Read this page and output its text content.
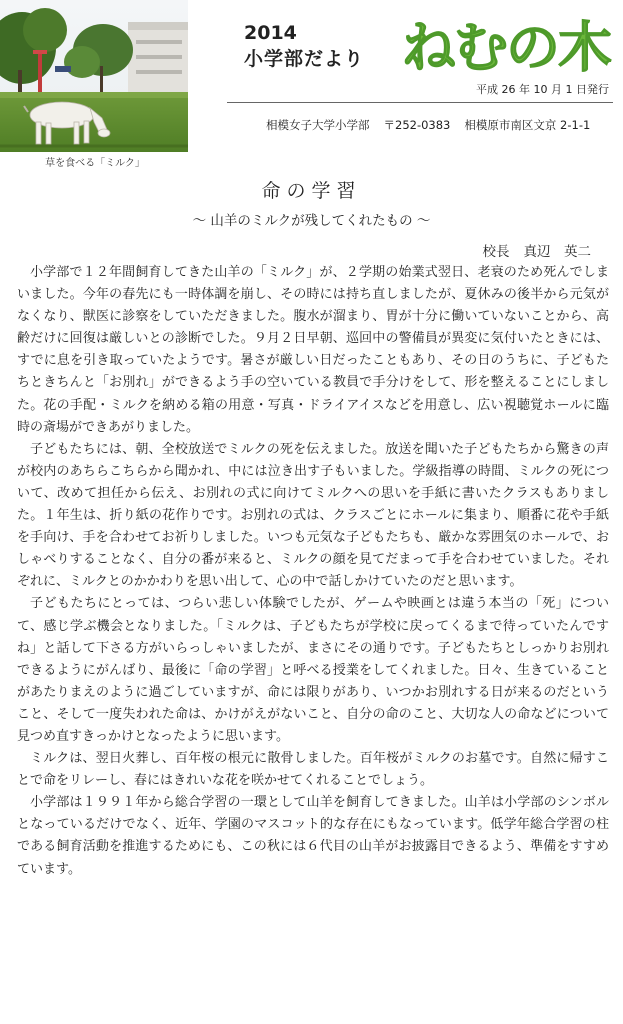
草を食べる「ミルク」
2014
小学部だより ねむの木
平成 26 年 10 月 1 日発行
相模女子大学小学部 〒252-0383 相模原市南区文京 2-1-1
命の学習
～ 山羊のミルクが残してくれたもの ～
校長 真辺　英二

小学部で１２年間飼育してきた山羊の「ミルク」が、２学期の始業式翌日、老衰のため死んでしまいました。今年の春先にも一時体調を崩し、その時には持ち直しましたが、夏休みの後半から元気がなくなり、獣医に診察をしていただきました。腹水が溜まり、胃が十分に働いていないことから、高齢だけに回復は厳しいとの診断でした。９月２日早朝、巡回中の警備員が異変に気付いたときには、すでに息を引き取っていたようです。暑さが厳しい日だったこともあり、その日のうちに、子どもたちときちんと「お別れ」ができるよう手の空いている教員で手分けをして、形を整えることにしました。花の手配・ミルクを納める箱の用意・写真・ドライアイスなどを用意し、広い視聴覚ホールに臨時の斎場ができあがりました。

子どもたちには、朝、全校放送でミルクの死を伝えました。放送を聞いた子どもたちから驚きの声が校内のあちらこちらから聞かれ、中には泣き出す子もいました。学級指導の時間、ミルクの死について、改めて担任から伝え、お別れの式に向けてミルクへの思いを手紙に書いたクラスもありました。１年生は、折り紙の花作りです。お別れの式は、クラスごとにホールに集まり、順番に花や手紙を手向け、手を合わせてお祈りしました。いつも元気な子どもたちも、厳かな雰囲気のホールで、おしゃべりすることなく、自分の番が来ると、ミルクの顔を見てだまって手を合わせていました。それぞれに、ミルクとのかかわりを思い出して、心の中で話しかけていたのだと思います。

子どもたちにとっては、つらい悲しい体験でしたが、ゲームや映画とは違う本当の「死」について、感じ学ぶ機会となりました。「ミルクは、子どもたちが学校に戻ってくるまで待っていたんですね」と話して下さる方がいらっしゃいましたが、まさにその通りです。子どもたちとしっかりお別れできるようにがんばり、最後に「命の学習」と呼べる授業をしてくれました。日々、生きていることがあたりまえのように過ごしていますが、命には限りがあり、いつかお別れする日が来るのだということ、そして一度失われた命は、かけがえがないこと、自分の命のこと、大切な人の命などについて見つめ直すきっかけとなったように思います。

ミルクは、翌日火葬し、百年桜の根元に散骨しました。百年桜がミルクのお墓です。自然に帰すことで命をリレーし、春にはきれいな花を咲かせてくれることでしょう。

小学部は１９９１年から総合学習の一環として山羊を飼育してきました。山羊は小学部のシンボルとなっているだけでなく、近年、学園のマスコット的な存在にもなっています。低学年総合学習の柱である飼育活動を推進するためにも、この秋には６代目の山羊がお披露目できるよう、準備をすすめています。
